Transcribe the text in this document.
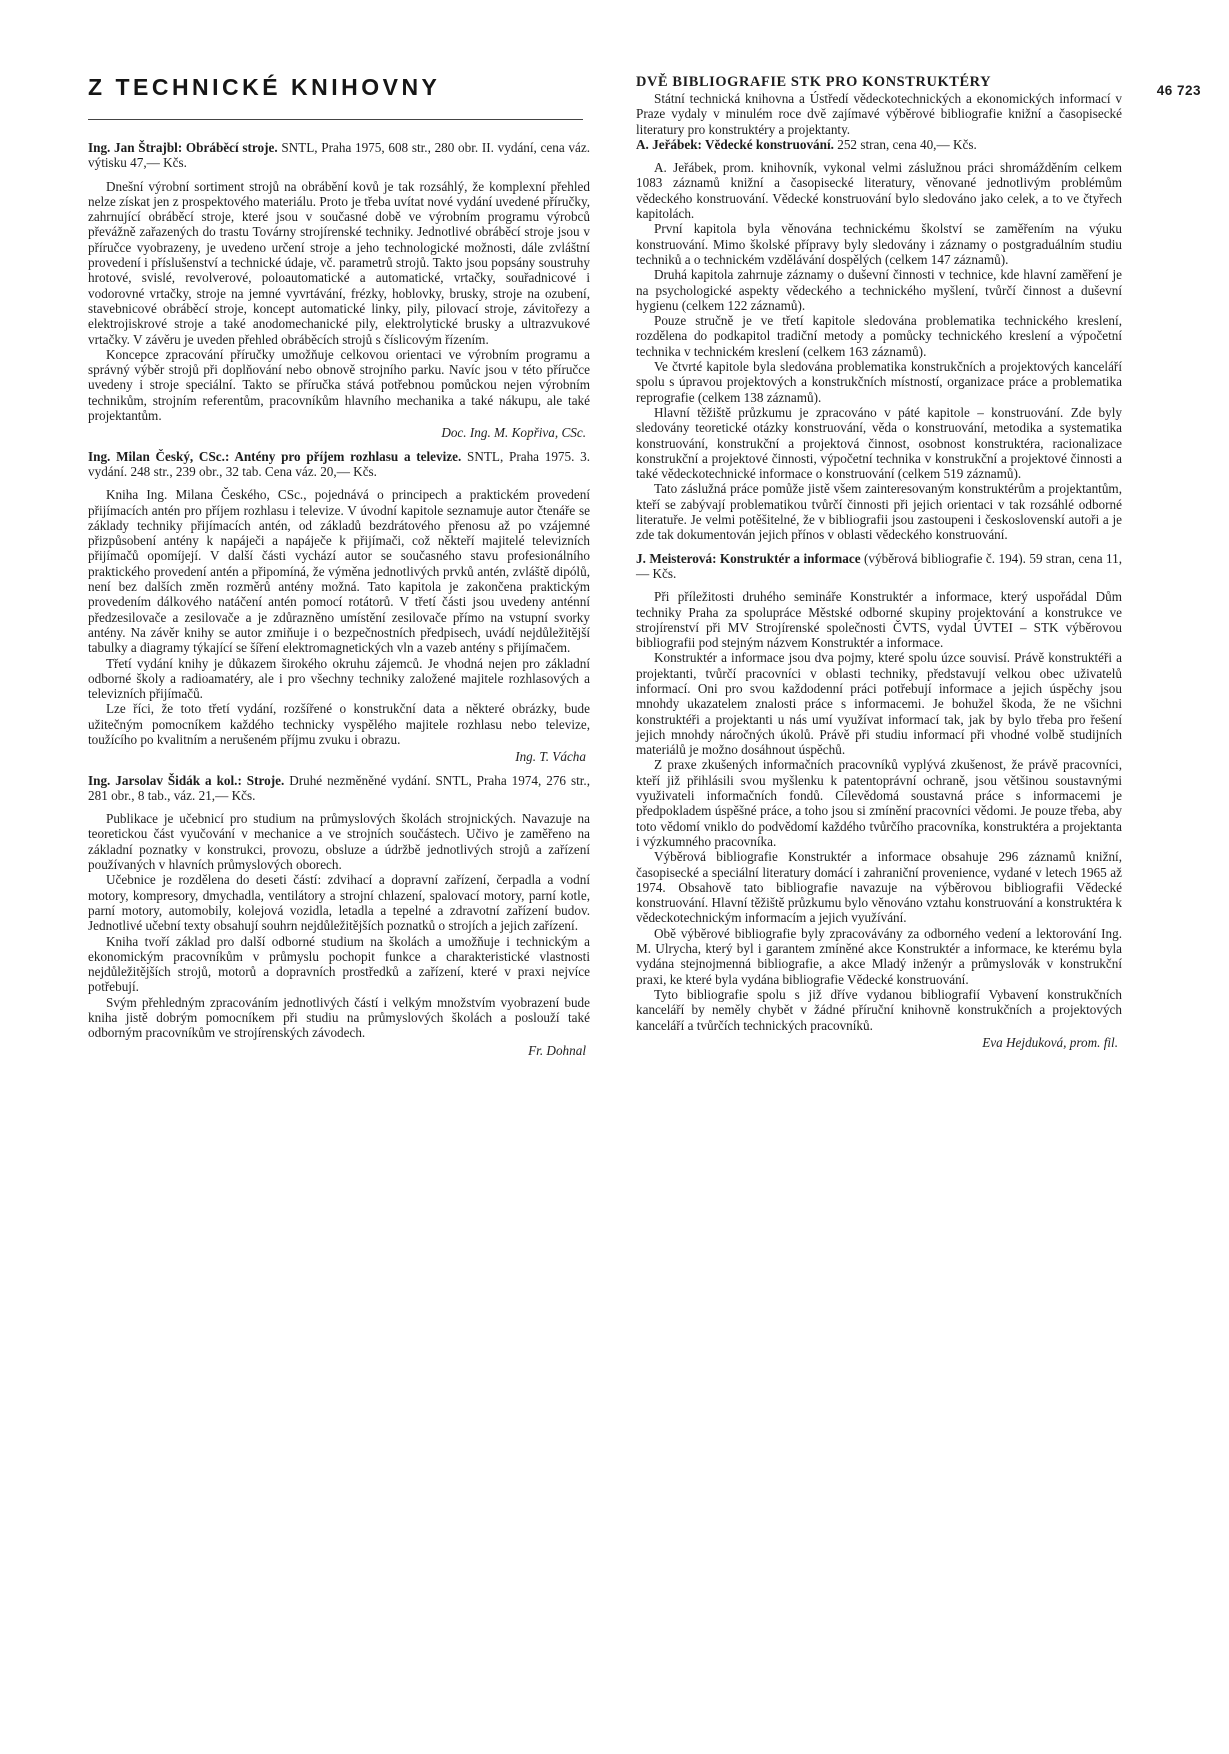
Z TECHNICKÉ KNIHOVNY

Ing. Jan Štrajbl: Obráběcí stroje. SNTL, Praha 1975, 608 str., 280 obr. II. vydání, cena váz. výtisku 47,— Kčs.

Dnešní výrobní sortiment strojů na obrábění kovů je tak rozsáhlý, že komplexní přehled nelze získat jen z prospektového materiálu. Proto je třeba uvítat nové vydání uvedené příručky, zahrnující obráběcí stroje, které jsou v současné době ve výrobním programu výrobců převážně zařazených do trastu Továrny strojírenské techniky. Jednotlivé obráběcí stroje jsou v příručce vyobrazeny, je uvedeno určení stroje a jeho technologické možnosti, dále zvláštní provedení i příslušenství a technické údaje, vč. parametrů strojů. Takto jsou popsány soustruhy hrotové, svislé, revolverové, poloautomatické a automatické, vrtačky, souřadnicové i vodorovné vrtačky, stroje na jemné vyvrtávání, frézky, hoblovky, brusky, stroje na ozubení, stavebnicové obráběcí stroje, koncept automatické linky, pily, pilovací stroje, závitořezy a elektrojiskrové stroje a také anodomechanické pily, elektrolytické brusky a ultrazvukové vrtačky. V závěru je uveden přehled obráběcích strojů s číslicovým řízením.

Koncepce zpracování příručky umožňuje celkovou orientaci ve výrobním programu a správný výběr strojů při doplňování nebo obnově strojního parku. Navíc jsou v této příručce uvedeny i stroje speciální. Takto se příručka stává potřebnou pomůckou nejen výrobním technikům, strojním referentům, pracovníkům hlavního mechanika a také nákupu, ale také projektantům.

Doc. Ing. M. Kopřiva, CSc.

Ing. Milan Český, CSc.: Antény pro příjem rozhlasu a televize. SNTL, Praha 1975. 3. vydání. 248 str., 239 obr., 32 tab. Cena váz. 20,— Kčs.

Kniha Ing. Milana Českého, CSc., pojednává o principech a praktickém provedení přijímacích antén pro příjem rozhlasu i televize. V úvodní kapitole seznamuje autor čtenáře se základy techniky přijímacích antén, od základů bezdrátového přenosu až po vzájemné přizpůsobení antény k napáječi a napáječe k přijímači, což někteří majitelé televizních přijímačů opomíjejí. V další části vychází autor se současného stavu profesionálního praktického provedení antén a připomíná, že výměna jednotlivých prvků antén, zvláště dipólů, není bez dalších změn rozměrů antény možná. Tato kapitola je zakončena praktickým provedením dálkového natáčení antén pomocí rotátorů. V třetí části jsou uvedeny anténní předzesilovače a zesilovače a je zdůrazněno umístění zesilovače přímo na vstupní svorky antény. Na závěr knihy se autor zmiňuje i o bezpečnostních předpisech, uvádí nejdůležitější tabulky a diagramy týkající se šíření elektromagnetických vln a vazeb antény s přijímačem.

Třetí vydání knihy je důkazem širokého okruhu zájemců. Je vhodná nejen pro základní odborné školy a radioamatéry, ale i pro všechny techniky založené majitele rozhlasových a televizních přijímačů.

Lze říci, že toto třetí vydání, rozšířené o konstrukční data a některé obrázky, bude užitečným pomocníkem každého technicky vyspělého majitele rozhlasu nebo televize, toužícího po kvalitním a nerušeném příjmu zvuku i obrazu.

Ing. T. Vácha

Ing. Jarsolav Šidák a kol.: Stroje. Druhé nezměněné vydání. SNTL, Praha 1974, 276 str., 281 obr., 8 tab., váz. 21,— Kčs.

Publikace je učebnicí pro studium na průmyslových školách strojnických. Navazuje na teoretickou část vyučování v mechanice a ve strojních součástech. Učivo je zaměřeno na základní poznatky v konstrukci, provozu, obsluze a údržbě jednotlivých strojů a zařízení používaných v hlavních průmyslových oborech.

Učebnice je rozdělena do deseti částí: zdvihací a dopravní zařízení, čerpadla a vodní motory, kompresory, dmychadla, ventilátory a strojní chlazení, spalovací motory, parní kotle, parní motory, automobily, kolejová vozidla, letadla a tepelné a zdravotní zařízení budov. Jednotlivé učební texty obsahují souhrn nejdůležitějších poznatků o strojích a jejich zařízení.

Kniha tvoří základ pro další odborné studium na školách a umožňuje i technickým a ekonomickým pracovníkům v průmyslu pochopit funkce a charakteristické vlastnosti nejdůležitějších strojů, motorů a dopravních prostředků a zařízení, které v praxi nejvíce potřebují.

Svým přehledným zpracováním jednotlivých částí i velkým množstvím vyobrazení bude kniha jistě dobrým pomocníkem při studiu na průmyslových školách a poslouží také odborným pracovníkům ve strojírenských závodech.

Fr. Dohnal

DVĚ BIBLIOGRAFIE STK PRO KONSTRUKTÉRY

Státní technická knihovna a Ústředí vědeckotechnických a ekonomických informací v Praze vydaly v minulém roce dvě zajímavé výběrové bibliografie knižní a časopisecké literatury pro konstruktéry a projektanty.

A. Jeřábek: Vědecké konstruování. 252 stran, cena 40,— Kčs.

A. Jeřábek, prom. knihovník, vykonal velmi záslužnou práci shromážděním celkem 1083 záznamů knižní a časopisecké literatury, věnované jednotlivým problémům vědeckého konstruování. Vědecké konstruování bylo sledováno jako celek, a to ve čtyřech kapitolách.

První kapitola byla věnována technickému školství se zaměřením na výuku konstruování. Mimo školské přípravy byly sledovány i záznamy o postgraduálním studiu techniků a o technickém vzdělávání dospělých (celkem 147 záznamů).

Druhá kapitola zahrnuje záznamy o duševní činnosti v technice, kde hlavní zaměření je na psychologické aspekty vědeckého a technického myšlení, tvůrčí činnost a duševní hygienu (celkem 122 záznamů).

Pouze stručně je ve třetí kapitole sledována problematika technického kreslení, rozdělena do podkapitol tradiční metody a pomůcky technického kreslení a výpočetní technika v technickém kreslení (celkem 163 záznamů).

Ve čtvrté kapitole byla sledována problematika konstrukčních a projektových kanceláří spolu s úpravou projektových a konstrukčních místností, organizace práce a problematika reprografie (celkem 138 záznamů).

Hlavní těžiště průzkumu je zpracováno v páté kapitole – konstruování. Zde byly sledovány teoretické otázky konstruování, věda o konstruování, metodika a systematika konstruování, konstrukční a projektová činnost, osobnost konstruktéra, racionalizace konstrukční a projektové činnosti, výpočetní technika v konstrukční a projektové činnosti a také vědeckotechnické informace o konstruování (celkem 519 záznamů).

Tato záslužná práce pomůže jistě všem zainteresovaným konstruktérům a projektantům, kteří se zabývají problematikou tvůrčí činnosti při jejich orientaci v tak rozsáhlé odborné literatuře. Je velmi potěšitelné, že v bibliografii jsou zastoupeni i československí autoři a je zde tak dokumentován jejich přínos v oblasti vědeckého konstruování.

J. Meisterová: Konstruktér a informace (výběrová bibliografie č. 194). 59 stran, cena 11,— Kčs.

Při příležitosti druhého semináře Konstruktér a informace, který uspořádal Dům techniky Praha za spolupráce Městské odborné skupiny projektování a konstrukce ve strojírenství při MV Strojírenské společnosti ČVTS, vydal ÚVTEI – STK výběrovou bibliografii pod stejným názvem Konstruktér a informace.

Konstruktér a informace jsou dva pojmy, které spolu úzce souvisí. Právě konstruktéři a projektanti, tvůrčí pracovníci v oblasti techniky, představují velkou obec uživatelů informací. Oni pro svou každodenní práci potřebují informace a jejich úspěchy jsou mnohdy ukazatelem znalosti práce s informacemi. Je bohužel škoda, že ne všichni konstruktéři a projektanti u nás umí využívat informací tak, jak by bylo třeba pro řešení jejich mnohdy náročných úkolů. Právě při studiu informací při vhodné volbě studijních materiálů je možno dosáhnout úspěchů.

Z praxe zkušených informačních pracovníků vyplývá zkušenost, že právě pracovníci, kteří již přihlásili svou myšlenku k patentoprávní ochraně, jsou většinou soustavnými využivateli informačních fondů. Cílevědomá soustavná práce s informacemi je předpokladem úspěšné práce, a toho jsou si zmínění pracovníci vědomi. Je pouze třeba, aby toto vědomí vniklo do podvědomí každého tvůrčího pracovníka, konstruktéra a projektanta i výzkumného pracovníka.

Výběrová bibliografie Konstruktér a informace obsahuje 296 záznamů knižní, časopisecké a speciální literatury domácí i zahraniční provenience, vydané v letech 1965 až 1974. Obsahově tato bibliografie navazuje na výběrovou bibliografii Vědecké konstruování. Hlavní těžiště průzkumu bylo věnováno vztahu konstruování a konstruktéra k vědeckotechnickým informacím a jejich využívání.

Obě výběrové bibliografie byly zpracovávány za odborného vedení a lektorování Ing. M. Ulrycha, který byl i garantem zmíněné akce Konstruktér a informace, ke kterému byla vydána stejnojmenná bibliografie, a akce Mladý inženýr a průmyslovák v konstrukční praxi, ke které byla vydána bibliografie Vědecké konstruování.

Tyto bibliografie spolu s již dříve vydanou bibliografií Vybavení konstrukčních kanceláří by neměly chybět v žádné příruční knihovně konstrukčních a projektových kanceláří a tvůrčích technických pracovníků.

Eva Hejduková, prom. fil.

46 723
